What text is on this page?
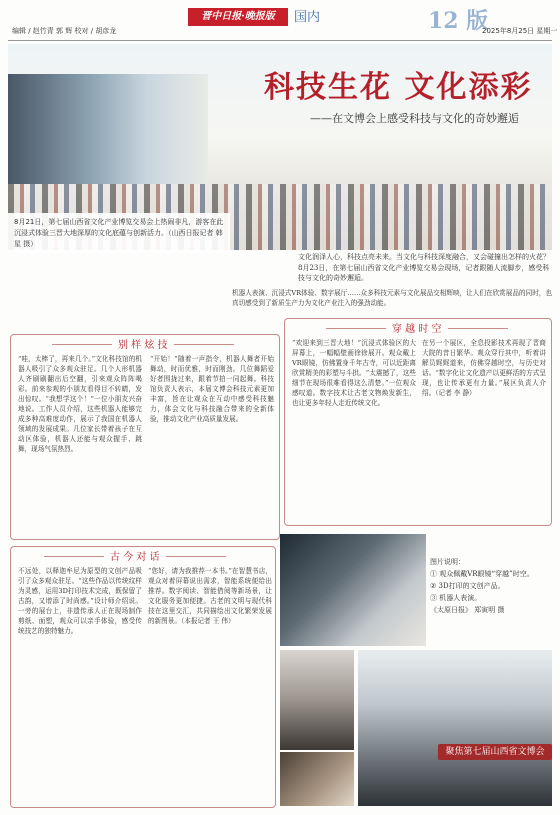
编辑 / 赵竹青 郭 辉 校对 / 胡彦龙
晋中日报·晚报版	国内	12 版
2025年8月25日 星期一
科技生花 文化添彩
——在文博会上感受科技与文化的奇妙邂逅
8月21日，第七届山西省文化产业博览交易会上热闹非凡，游客在此沉浸式体验三晋大地深厚的文化底蕴与创新活力。（山西日报记者 韩 星 摄）
文化润泽人心，科技点亮未来。当文化与科技深度融合，又会碰撞出怎样的火花？8月23日，在第七届山西省文化产业博览交易会现场，记者跟随人流脚步，感受科技与文化的奇妙邂逅。
机器人表演、沉浸式VR体验、数字展厅……众多科技元素与文化展品交相辉映，让人们在欣赏展品的同时，也真切感受到了新质生产力为文化产业注入的强劲动能。
别 样 炫 技
“哇，太棒了，再来几个。”文化科技馆的机器人吸引了众多观众驻足。几个人形机器人齐刷刷翻出后空翻，引来观众阵阵喝彩。前来参观的小朋友看得目不转睛，发出惊叹。“我想学这个！”一位小朋友兴奋地说。工作人员介绍，这些机器人能够完成多种高难度动作，展示了我国在机器人领域的发展成果。几位家长带着孩子在互动区体验，机器人还能与观众握手、跳舞，现场气氛热烈。
“开始！”随着一声指令，机器人舞者开始舞动，时而优雅，时而刚劲。几位舞蹈爱好者围拢过来，跟着节拍一同起舞。科技馆负责人表示，本届文博会科技元素更加丰富，旨在让观众在互动中感受科技魅力，体会文化与科技融合带来的全新体验，推动文化产业高质量发展。
穿 越 时 空
“欢迎来到三晋大地！”沉浸式体验区的大屏幕上，一幅幅壁画徐徐展开。观众戴上VR眼镜，仿佛置身千年古寺，可以近距离欣赏精美的彩塑与斗拱。“太震撼了，这些细节在现场很难看得这么清楚。”一位观众感叹道。数字技术让古老文物焕发新生，也让更多年轻人走近传统文化。
在另一个展区，全息投影技术再现了晋商大院的昔日繁华。观众穿行其中，听着讲解员娓娓道来，仿佛穿越时空，与历史对话。“数字化让文化遗产以更鲜活的方式呈现，也让传承更有力量。”展区负责人介绍。（记者 李 静）
古 今 对 话
不远处，以释迦牟尼为原型的文创产品吸引了众多观众驻足。“这些作品以传统纹样为灵感，运用3D打印技术完成，既保留了古韵，又增添了时尚感。”设计师介绍说。一旁的展台上，非遗传承人正在现场制作剪纸、面塑，观众可以亲手体验，感受传统技艺的独特魅力。
“您好，请为我推荐一本书。”在智慧书店，观众对着屏幕说出需求，智能系统便给出推荐。数字阅读、智能借阅等新场景，让文化服务更加便捷。古老的文明与现代科技在这里交汇，共同描绘出文化繁荣发展的新图景。（本报记者 王 伟）
图片说明：
① 观众佩戴VR眼镜“穿越”时空。
② 3D打印的文创产品。
③ 机器人表演。
《太原日报》 郑寅明 摄
聚焦第七届山西省文博会
